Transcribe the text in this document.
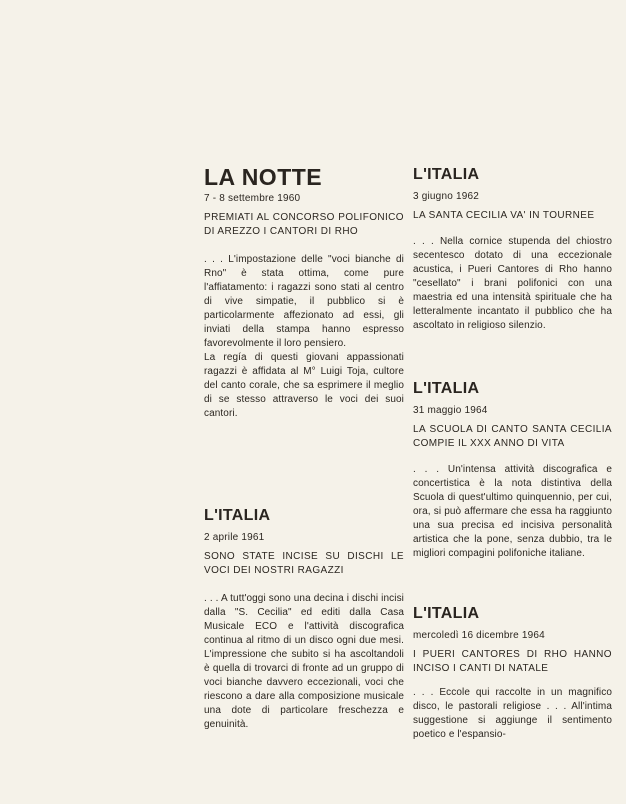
LA NOTTE
7 - 8 settembre 1960
PREMIATI AL CONCORSO POLIFONICO DI AREZZO I CANTORI DI RHO

. . . L'impostazione delle "voci bianche di Rno" è stata ottima, come pure l'affiatamento: i ragazzi sono stati al centro di vive simpatie, il pubblico si è particolarmente affezionato ad essi, gli inviati della stampa hanno espresso favorevolmente il loro pensiero.

La regía di questi giovani appassionati ragazzi è affidata al M° Luigi Toja, cultore del canto corale, che sa esprimere il meglio di se stesso attraverso le voci dei suoi cantori.

L'ITALIA
2 aprile 1961
SONO STATE INCISE SU DISCHI LE VOCI DEI NOSTRI RAGAZZI

. . . A tutt'oggi sono una decina i dischi incisi dalla "S. Cecilia" ed editi dalla Casa Musicale ECO e l'attività discografica continua al ritmo di un disco ogni due mesi. L'impressione che subito si ha ascoltandoli è quella di trovarci di fronte ad un gruppo di voci bianche davvero eccezionali, voci che riescono a dare alla composizione musicale una dote di particolare freschezza e genuinità.

L'ITALIA
3 giugno 1962
LA SANTA CECILIA VA' IN TOURNEE

. . . Nella cornice stupenda del chiostro secentesco dotato di una eccezionale acustica, i Pueri Cantores di Rho hanno "cesellato" i brani polifonici con una maestria ed una intensità spirituale che ha letteralmente incantato il pubblico che ha ascoltato in religioso silenzio.

L'ITALIA
31 maggio 1964
LA SCUOLA DI CANTO SANTA CECILIA COMPIE IL XXX ANNO DI VITA

. . . Un'intensa attività discografica e concertistica è la nota distintiva della Scuola di quest'ultimo quinquennio, per cui, ora, si può affermare che essa ha raggiunto una sua precisa ed incisiva personalità artistica che la pone, senza dubbio, tra le migliori compagini polifoniche italiane.

L'ITALIA
mercoledì 16 dicembre 1964
I PUERI CANTORES DI RHO HANNO INCISO I CANTI DI NATALE

. . . Eccole qui raccolte in un magnifico disco, le pastorali religiose . . . All'intima suggestione si aggiunge il sentimento poetico e l'espansio-
